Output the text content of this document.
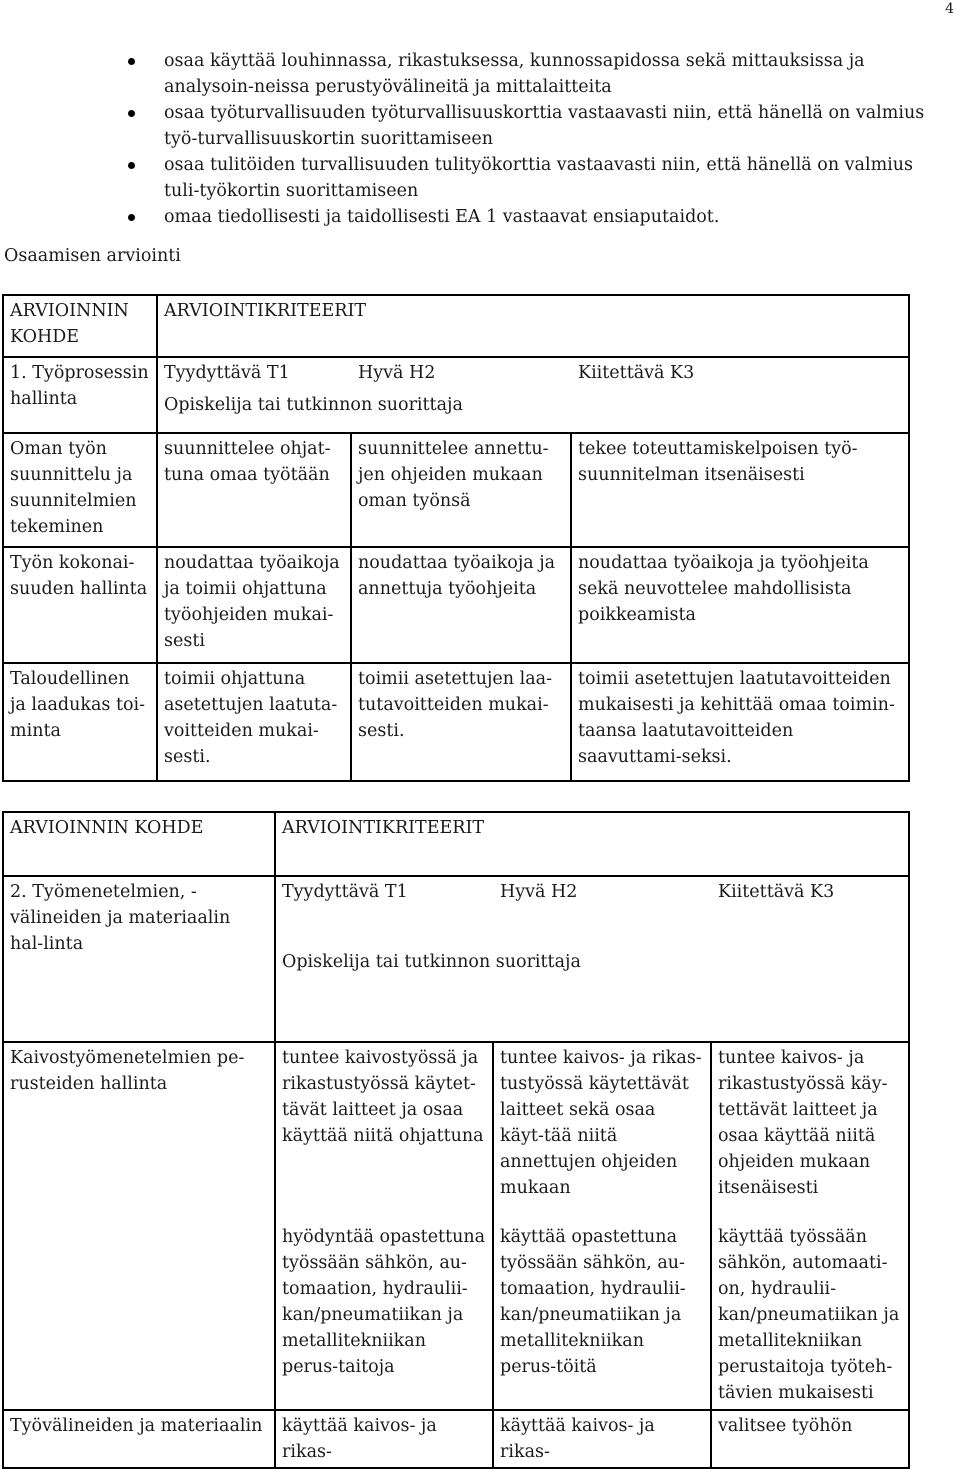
4
osaa käyttää louhinnassa, rikastuksessa, kunnossapidossa sekä mittauksissa ja analysoin-neissa perustyövälineitä ja mittalaitteita
osaa työturvallisuuden työturvallisuuskorttia vastaavasti niin, että hänellä on valmius työ-turvallisuuskortin suorittamiseen
osaa tulitöiden turvallisuuden tulityökorttia vastaavasti niin, että hänellä on valmius tuli-työkortin suorittamiseen
omaa tiedollisesti ja taidollisesti EA 1 vastaavat ensiaputaidot.
Osaamisen arviointi
ARVIOINNIN KOHDE	ARVIOINTIKRITEERIT		
1. Työprosessin hallinta	Tyydyttävä T1 Hyvä H2 Kiitettävä K3
Opiskelija tai tutkinnon suorittaja		

Oman työn suunnittelu ja suunnitelmien tekeminen	suunnittelee ohjat-tuna omaa työtään	suunnittelee annettu-jen ohjeiden mukaan oman työnsä	tekee toteuttamiskelpoisen työ-suunnitelman itsenäisesti
Työn kokonai-suuden hallinta	noudattaa työaikoja ja toimii ohjattuna työohjeiden mukai-sesti	noudattaa työaikoja ja annettuja työohjeita	noudattaa työaikoja ja työohjeita sekä neuvottelee mahdollisista poikkeamista
Taloudellinen ja laadukas toi-minta	toimii ohjattuna asetettujen laatuta-voitteiden mukai-sesti.	toimii asetettujen laa-tutavoitteiden mukai-sesti.	toimii asetettujen laatutavoitteiden mukaisesti ja kehittää omaa toimin-taansa laatutavoitteiden saavuttami-seksi.
ARVIOINNIN KOHDE	ARVIOINTIKRITEERIT		
2. Työmenetelmien, -välineiden ja materiaalin hal-linta	Tyydyttävä T1 Hyvä H2 Kiitettävä K3
Opiskelija tai tutkinnon suorittaja		

Kaivostyömenetelmien pe-rusteiden hallinta	tuntee kaivostyössä ja rikastustyössä käytet-tävät laitteet ja osaa käyttää niitä ohjattuna	tuntee kaivos- ja rikas-tustyössä käytettävät laitteet sekä osaa käyt-tää niitä annettujen ohjeiden mukaan	tuntee kaivos- ja rikastustyössä käy-tettävät laitteet ja osaa käyttää niitä ohjeiden mukaan itsenäisesti
	hyödyntää opastettuna työssään sähkön, au-tomaation, hydraulii-kan/pneumatiikan ja metallitekniikan perus-taitoja	käyttää opastettuna työssään sähkön, au-tomaation, hydraulii-kan/pneumatiikan ja metallitekniikan perus-töitä	käyttää työssään sähkön, automaati-on, hydraulii-kan/pneumatiikan ja metallitekniikan perustaitoja työteh-tävien mukaisesti
Työvälineiden ja materiaalin	käyttää kaivos- ja rikas-	käyttää kaivos- ja rikas-	valitsee työhön
